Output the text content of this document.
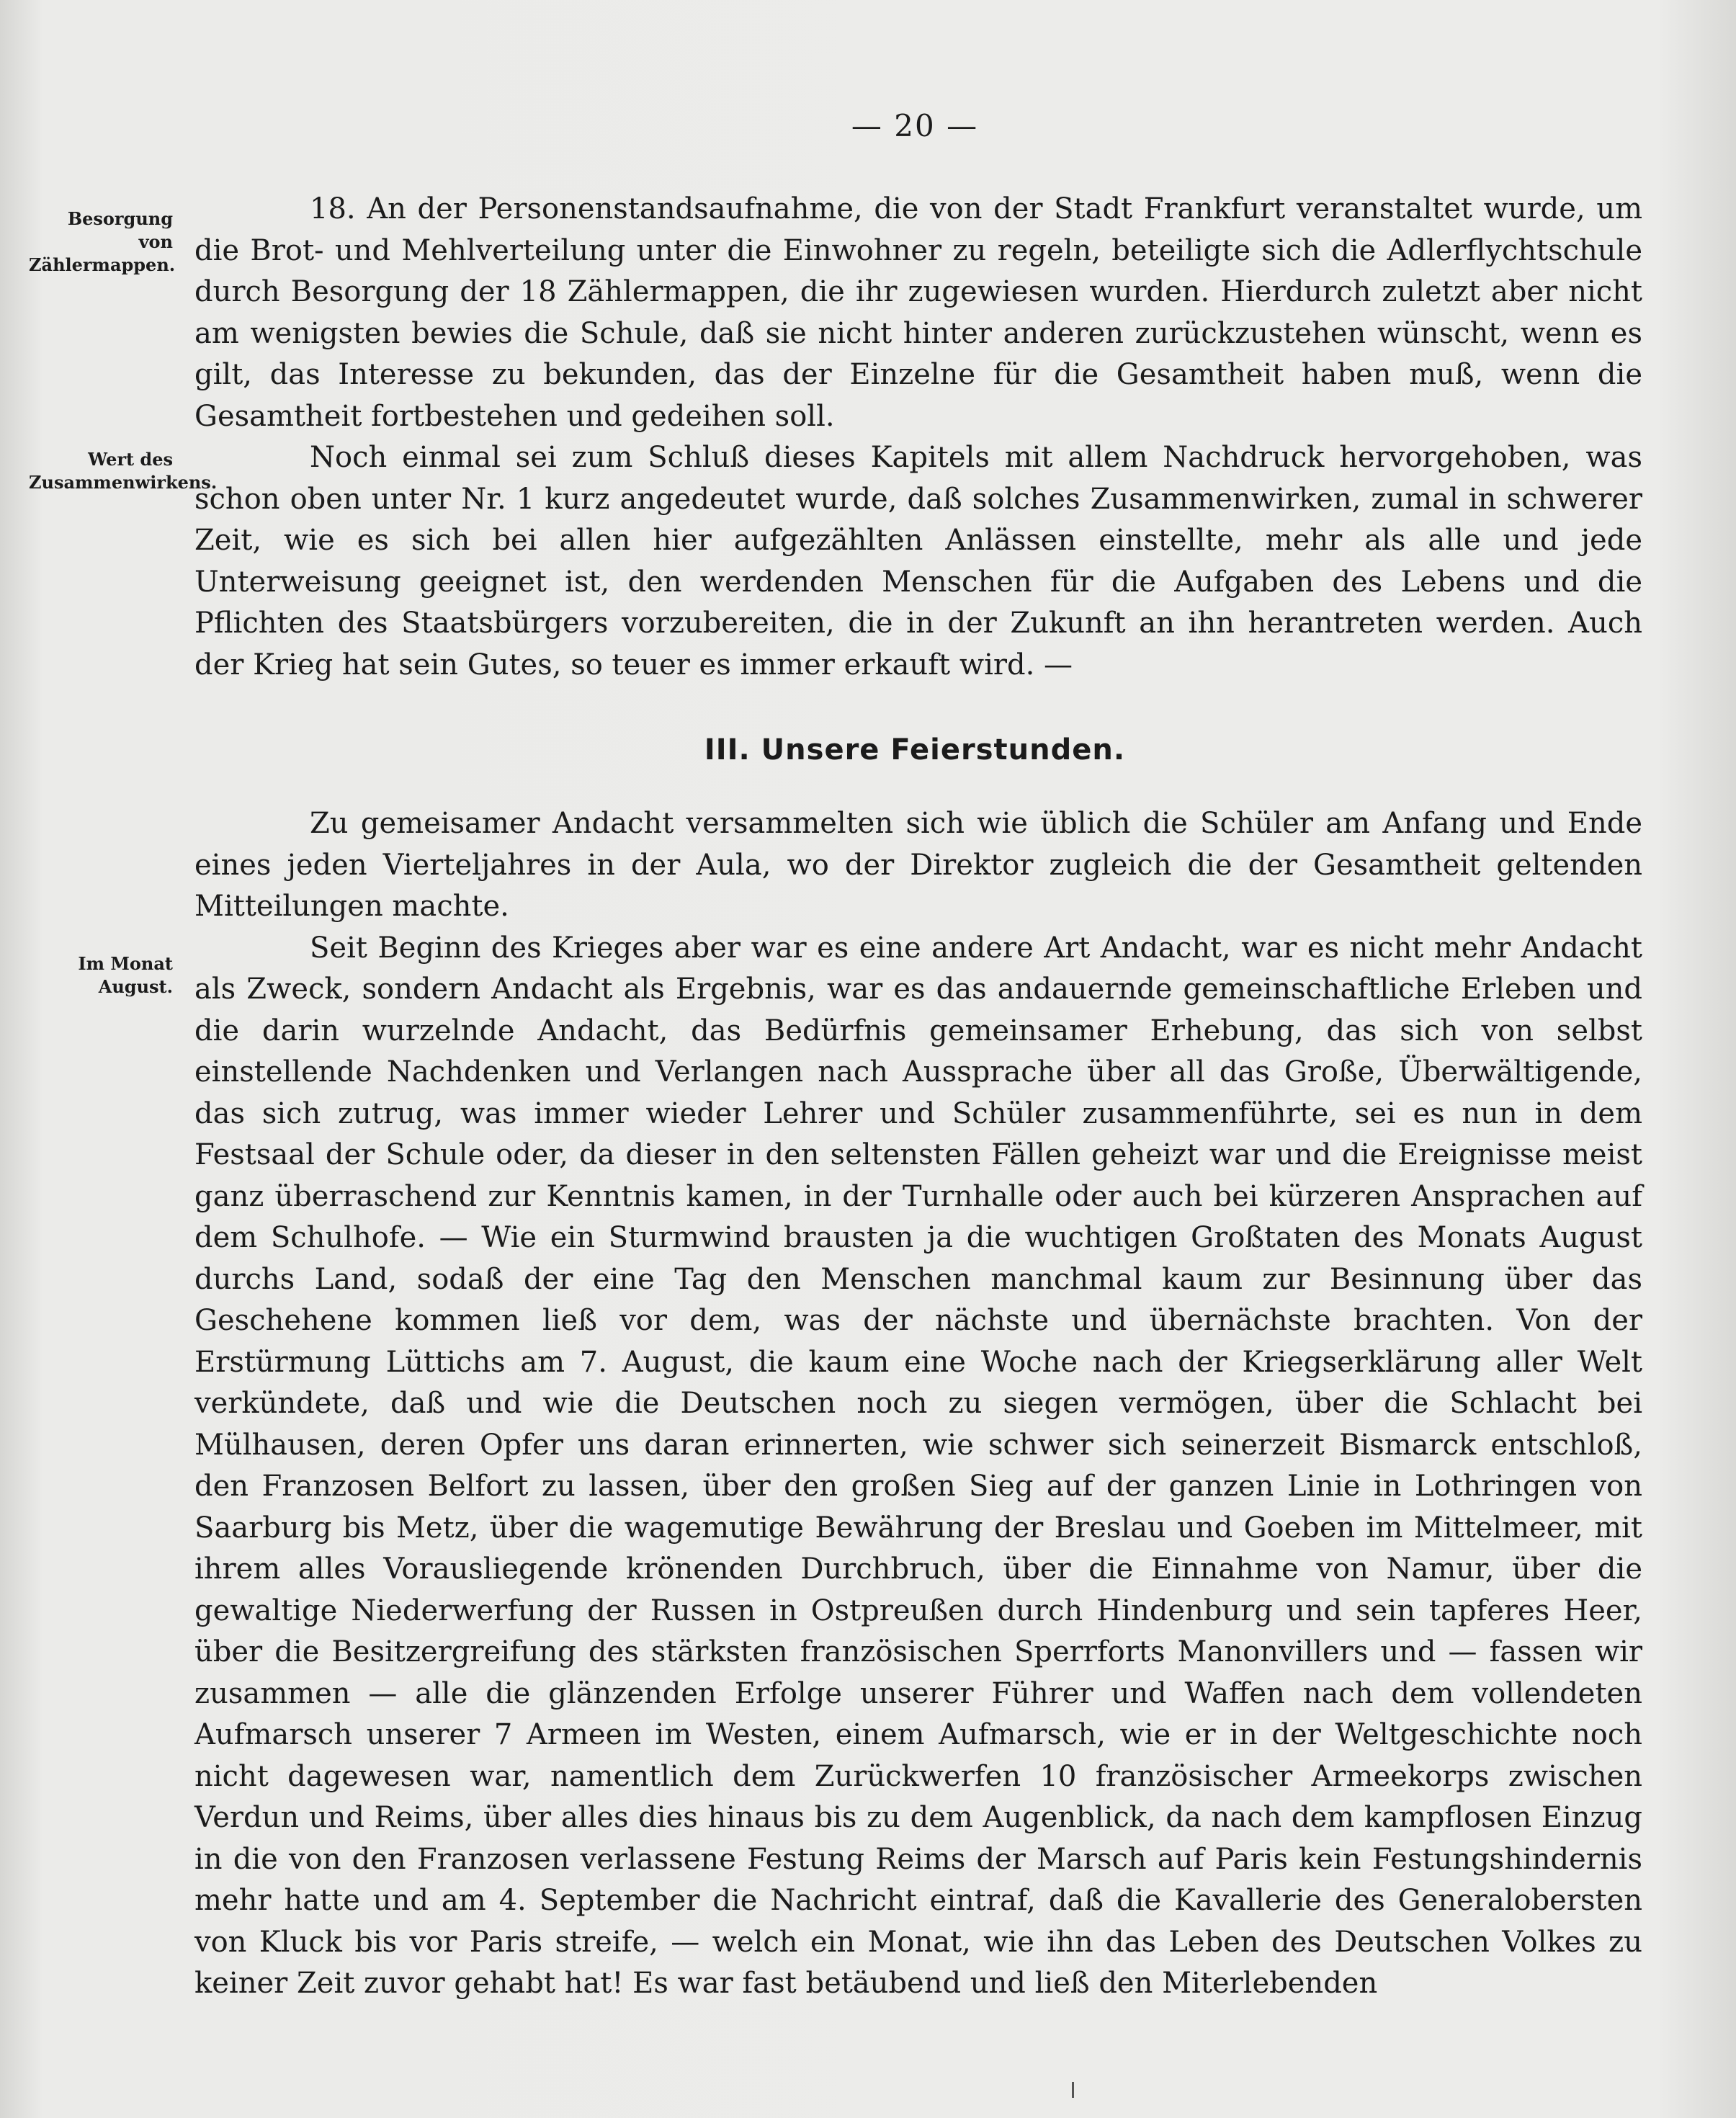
— 20 —
Besorgung von Zählermappen.
Wert des Zusammenwirkens.
Im Monat August.

18. An der Personenstandsaufnahme, die von der Stadt Frankfurt veranstaltet wurde, um die Brot- und Mehlverteilung unter die Einwohner zu regeln, beteiligte sich die Adlerflychtschule durch Besorgung der 18 Zählermappen, die ihr zugewiesen wurden. Hierdurch zuletzt aber nicht am wenigsten bewies die Schule, daß sie nicht hinter anderen zurückzustehen wünscht, wenn es gilt, das Interesse zu bekunden, das der Einzelne für die Gesamtheit haben muß, wenn die Gesamtheit fortbestehen und gedeihen soll.

Noch einmal sei zum Schluß dieses Kapitels mit allem Nachdruck hervorgehoben, was schon oben unter Nr. 1 kurz angedeutet wurde, daß solches Zusammenwirken, zumal in schwerer Zeit, wie es sich bei allen hier aufgezählten Anlässen einstellte, mehr als alle und jede Unterweisung geeignet ist, den werdenden Menschen für die Aufgaben des Lebens und die Pflichten des Staatsbürgers vorzubereiten, die in der Zukunft an ihn herantreten werden. Auch der Krieg hat sein Gutes, so teuer es immer erkauft wird. —

III. Unsere Feierstunden.

Zu gemeisamer Andacht versammelten sich wie üblich die Schüler am Anfang und Ende eines jeden Vierteljahres in der Aula, wo der Direktor zugleich die der Gesamtheit geltenden Mitteilungen machte.

Seit Beginn des Krieges aber war es eine andere Art Andacht, war es nicht mehr Andacht als Zweck, sondern Andacht als Ergebnis, war es das andauernde gemeinschaftliche Erleben und die darin wurzelnde Andacht, das Bedürfnis gemeinsamer Erhebung, das sich von selbst einstellende Nachdenken und Verlangen nach Aussprache über all das Große, Überwältigende, das sich zutrug, was immer wieder Lehrer und Schüler zusammenführte, sei es nun in dem Festsaal der Schule oder, da dieser in den seltensten Fällen geheizt war und die Ereignisse meist ganz überraschend zur Kenntnis kamen, in der Turnhalle oder auch bei kürzeren Ansprachen auf dem Schulhofe. — Wie ein Sturmwind brausten ja die wuchtigen Großtaten des Monats August durchs Land, sodaß der eine Tag den Menschen manchmal kaum zur Besinnung über das Geschehene kommen ließ vor dem, was der nächste und übernächste brachten. Von der Erstürmung Lüttichs am 7. August, die kaum eine Woche nach der Kriegserklärung aller Welt verkündete, daß und wie die Deutschen noch zu siegen vermögen, über die Schlacht bei Mülhausen, deren Opfer uns daran erinnerten, wie schwer sich seinerzeit Bismarck entschloß, den Franzosen Belfort zu lassen, über den großen Sieg auf der ganzen Linie in Lothringen von Saarburg bis Metz, über die wagemutige Bewährung der Breslau und Goeben im Mittelmeer, mit ihrem alles Vorausliegende krönenden Durchbruch, über die Einnahme von Namur, über die gewaltige Niederwerfung der Russen in Ostpreußen durch Hindenburg und sein tapferes Heer, über die Besitzergreifung des stärksten französischen Sperrforts Manonvillers und — fassen wir zusammen — alle die glänzenden Erfolge unserer Führer und Waffen nach dem vollendeten Aufmarsch unserer 7 Armeen im Westen, einem Aufmarsch, wie er in der Weltgeschichte noch nicht dagewesen war, namentlich dem Zurückwerfen 10 französischer Armeekorps zwischen Verdun und Reims, über alles dies hinaus bis zu dem Augenblick, da nach dem kampflosen Einzug in die von den Franzosen verlassene Festung Reims der Marsch auf Paris kein Festungshindernis mehr hatte und am 4. September die Nachricht eintraf, daß die Kavallerie des Generalobersten von Kluck bis vor Paris streife, — welch ein Monat, wie ihn das Leben des Deutschen Volkes zu keiner Zeit zuvor gehabt hat! Es war fast betäubend und ließ den Miterlebenden
